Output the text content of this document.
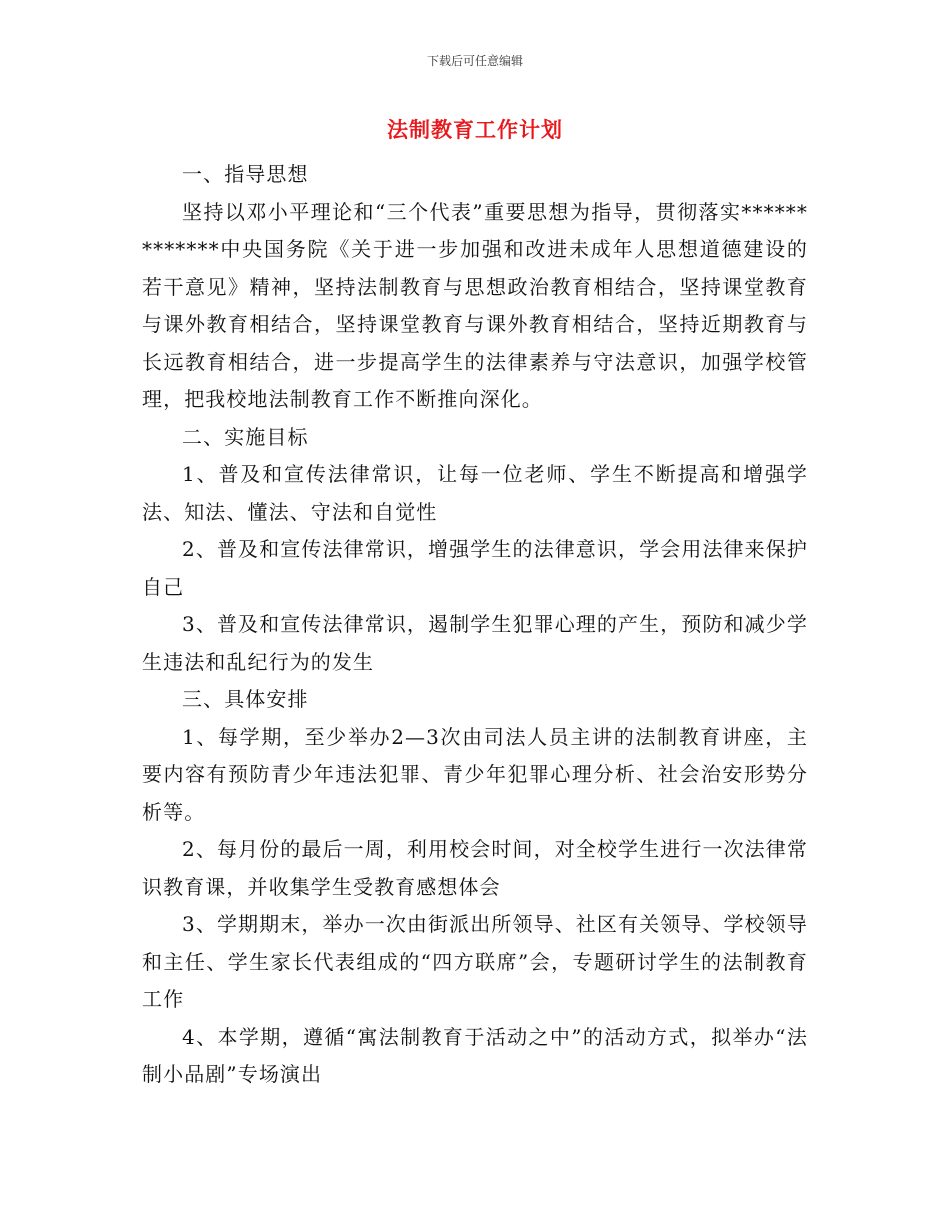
下载后可任意编辑
法制教育工作计划

一、指导思想

坚持以邓小平理论和“三个代表”重要思想为指导，贯彻落实*************中央国务院《关于进一步加强和改进未成年人思想道德建设的若干意见》精神，坚持法制教育与思想政治教育相结合，坚持课堂教育与课外教育相结合，坚持课堂教育与课外教育相结合，坚持近期教育与长远教育相结合，进一步提高学生的法律素养与守法意识，加强学校管理，把我校地法制教育工作不断推向深化。

二、实施目标

1、普及和宣传法律常识，让每一位老师、学生不断提高和增强学法、知法、懂法、守法和自觉性

2、普及和宣传法律常识，增强学生的法律意识，学会用法律来保护自己

3、普及和宣传法律常识，遏制学生犯罪心理的产生，预防和减少学生违法和乱纪行为的发生

三、具体安排

1、每学期，至少举办2—3次由司法人员主讲的法制教育讲座，主要内容有预防青少年违法犯罪、青少年犯罪心理分析、社会治安形势分析等。

2、每月份的最后一周，利用校会时间，对全校学生进行一次法律常识教育课，并收集学生受教育感想体会

3、学期期末，举办一次由街派出所领导、社区有关领导、学校领导和主任、学生家长代表组成的“四方联席”会，专题研讨学生的法制教育工作

4、本学期，遵循“寓法制教育于活动之中”的活动方式，拟举办“法制小品剧”专场演出
